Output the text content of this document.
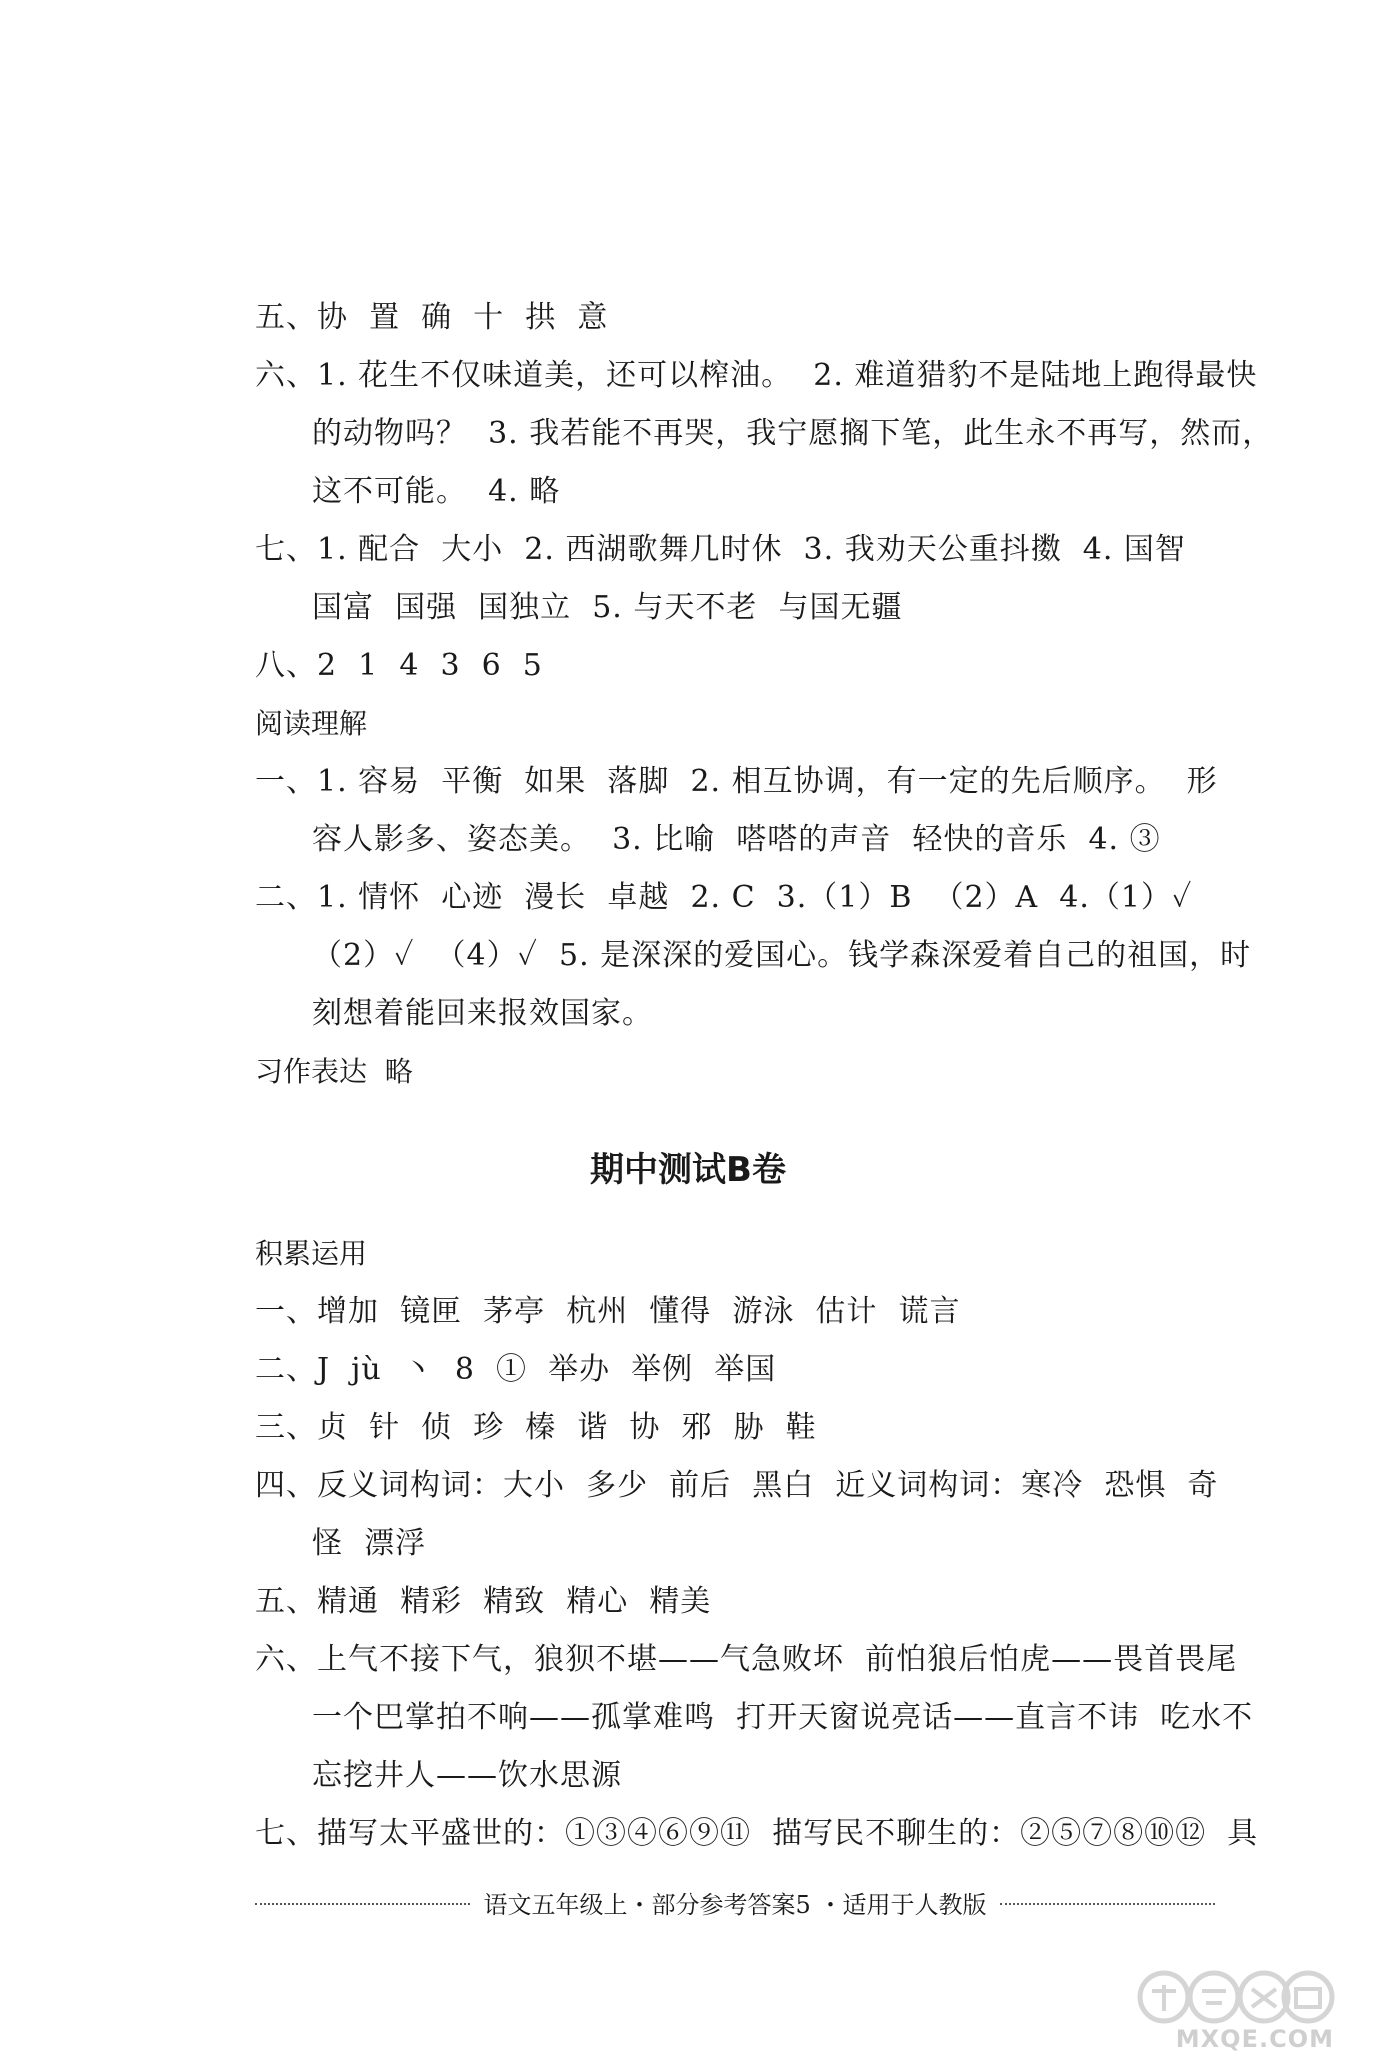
五、协  置  确  十  拱  意
六、1. 花生不仅味道美，还可以榨油。  2. 难道猎豹不是陆地上跑得最快
的动物吗？  3. 我若能不再哭，我宁愿搁下笔，此生永不再写，然而，
这不可能。  4. 略
七、1. 配合  大小  2. 西湖歌舞几时休  3. 我劝天公重抖擞  4. 国智
国富  国强  国独立  5. 与天不老  与国无疆
八、2  1  4  3  6  5
阅读理解
一、1. 容易  平衡  如果  落脚  2. 相互协调，有一定的先后顺序。  形
容人影多、姿态美。  3. 比喻  嗒嗒的声音  轻快的音乐  4. ③
二、1. 情怀  心迹  漫长  卓越  2. C  3.（1）B  （2）A  4.（1）✓
（2）✓  （4）✓  5. 是深深的爱国心。钱学森深爱着自己的祖国，时
刻想着能回来报效国家。
习作表达  略
期中测试B卷
积累运用
一、增加  镜匣  茅亭  杭州  懂得  游泳  估计  谎言
二、J  jù  丶  8  ①  举办  举例  举国
三、贞  针  侦  珍  榛  谐  协  邪  胁  鞋
四、反义词构词：大小  多少  前后  黑白  近义词构词：寒冷  恐惧  奇
怪  漂浮
五、精通  精彩  精致  精心  精美
六、上气不接下气，狼狈不堪——气急败坏  前怕狼后怕虎——畏首畏尾
一个巴掌拍不响——孤掌难鸣  打开天窗说亮话——直言不讳  吃水不
忘挖井人——饮水思源
七、描写太平盛世的：①③④⑥⑨⑪  描写民不聊生的：②⑤⑦⑧⑩⑫  具
语文五年级上・部分参考答案5 ・适用于人教版
MXQE.COM
